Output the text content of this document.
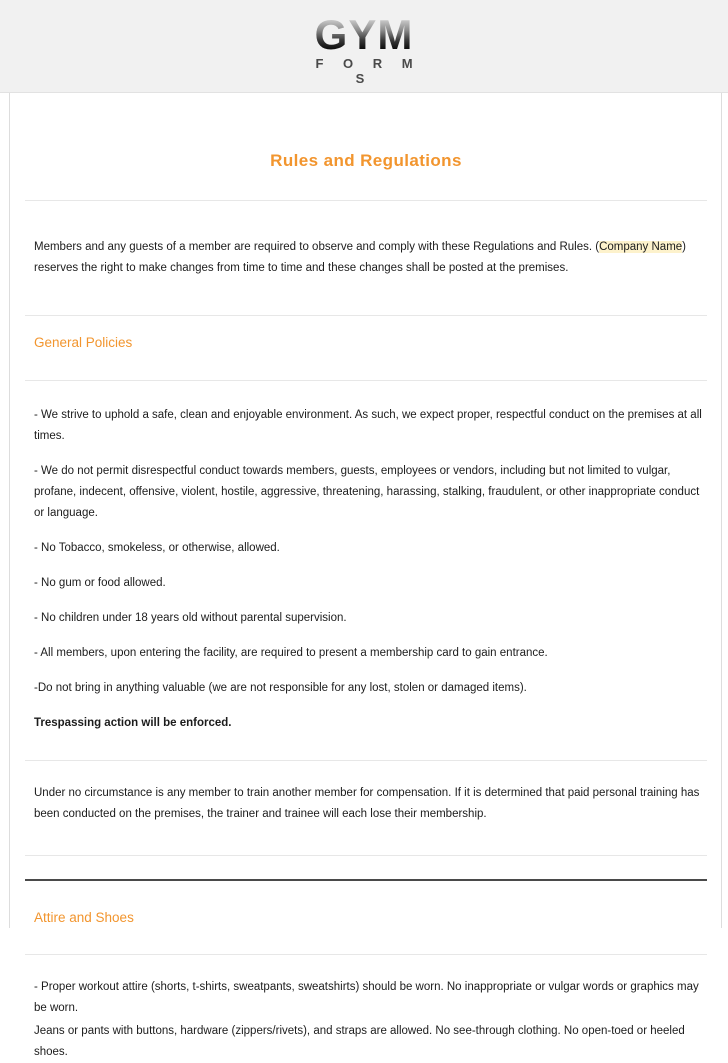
GYM
F O R M S
Rules and Regulations

Members and any guests of a member are required to observe and comply with these Regulations and Rules. (Company Name) reserves the right to make changes from time to time and these changes shall be posted at the premises.

General Policies

- We strive to uphold a safe, clean and enjoyable environment. As such, we expect proper, respectful conduct on the premises at all times.

- We do not permit disrespectful conduct towards members, guests, employees or vendors, including but not limited to vulgar, profane, indecent, offensive, violent, hostile, aggressive, threatening, harassing, stalking, fraudulent, or other inappropriate conduct or language.

- No Tobacco, smokeless, or otherwise, allowed.

- No gum or food allowed.

- No children under 18 years old without parental supervision.

- All members, upon entering the facility, are required to present a membership card to gain entrance.

-Do not bring in anything valuable (we are not responsible for any lost, stolen or damaged items).

Trespassing action will be enforced.

Under no circumstance is any member to train another member for compensation. If it is determined that paid personal training has been conducted on the premises, the trainer and trainee will each lose their membership.

Attire and Shoes

- Proper workout attire (shorts, t-shirts, sweatpants, sweatshirts) should be worn. No inappropriate or vulgar words or graphics may be worn.

Jeans or pants with buttons, hardware (zippers/rivets), and straps are allowed. No see-through clothing. No open-toed or heeled shoes.
